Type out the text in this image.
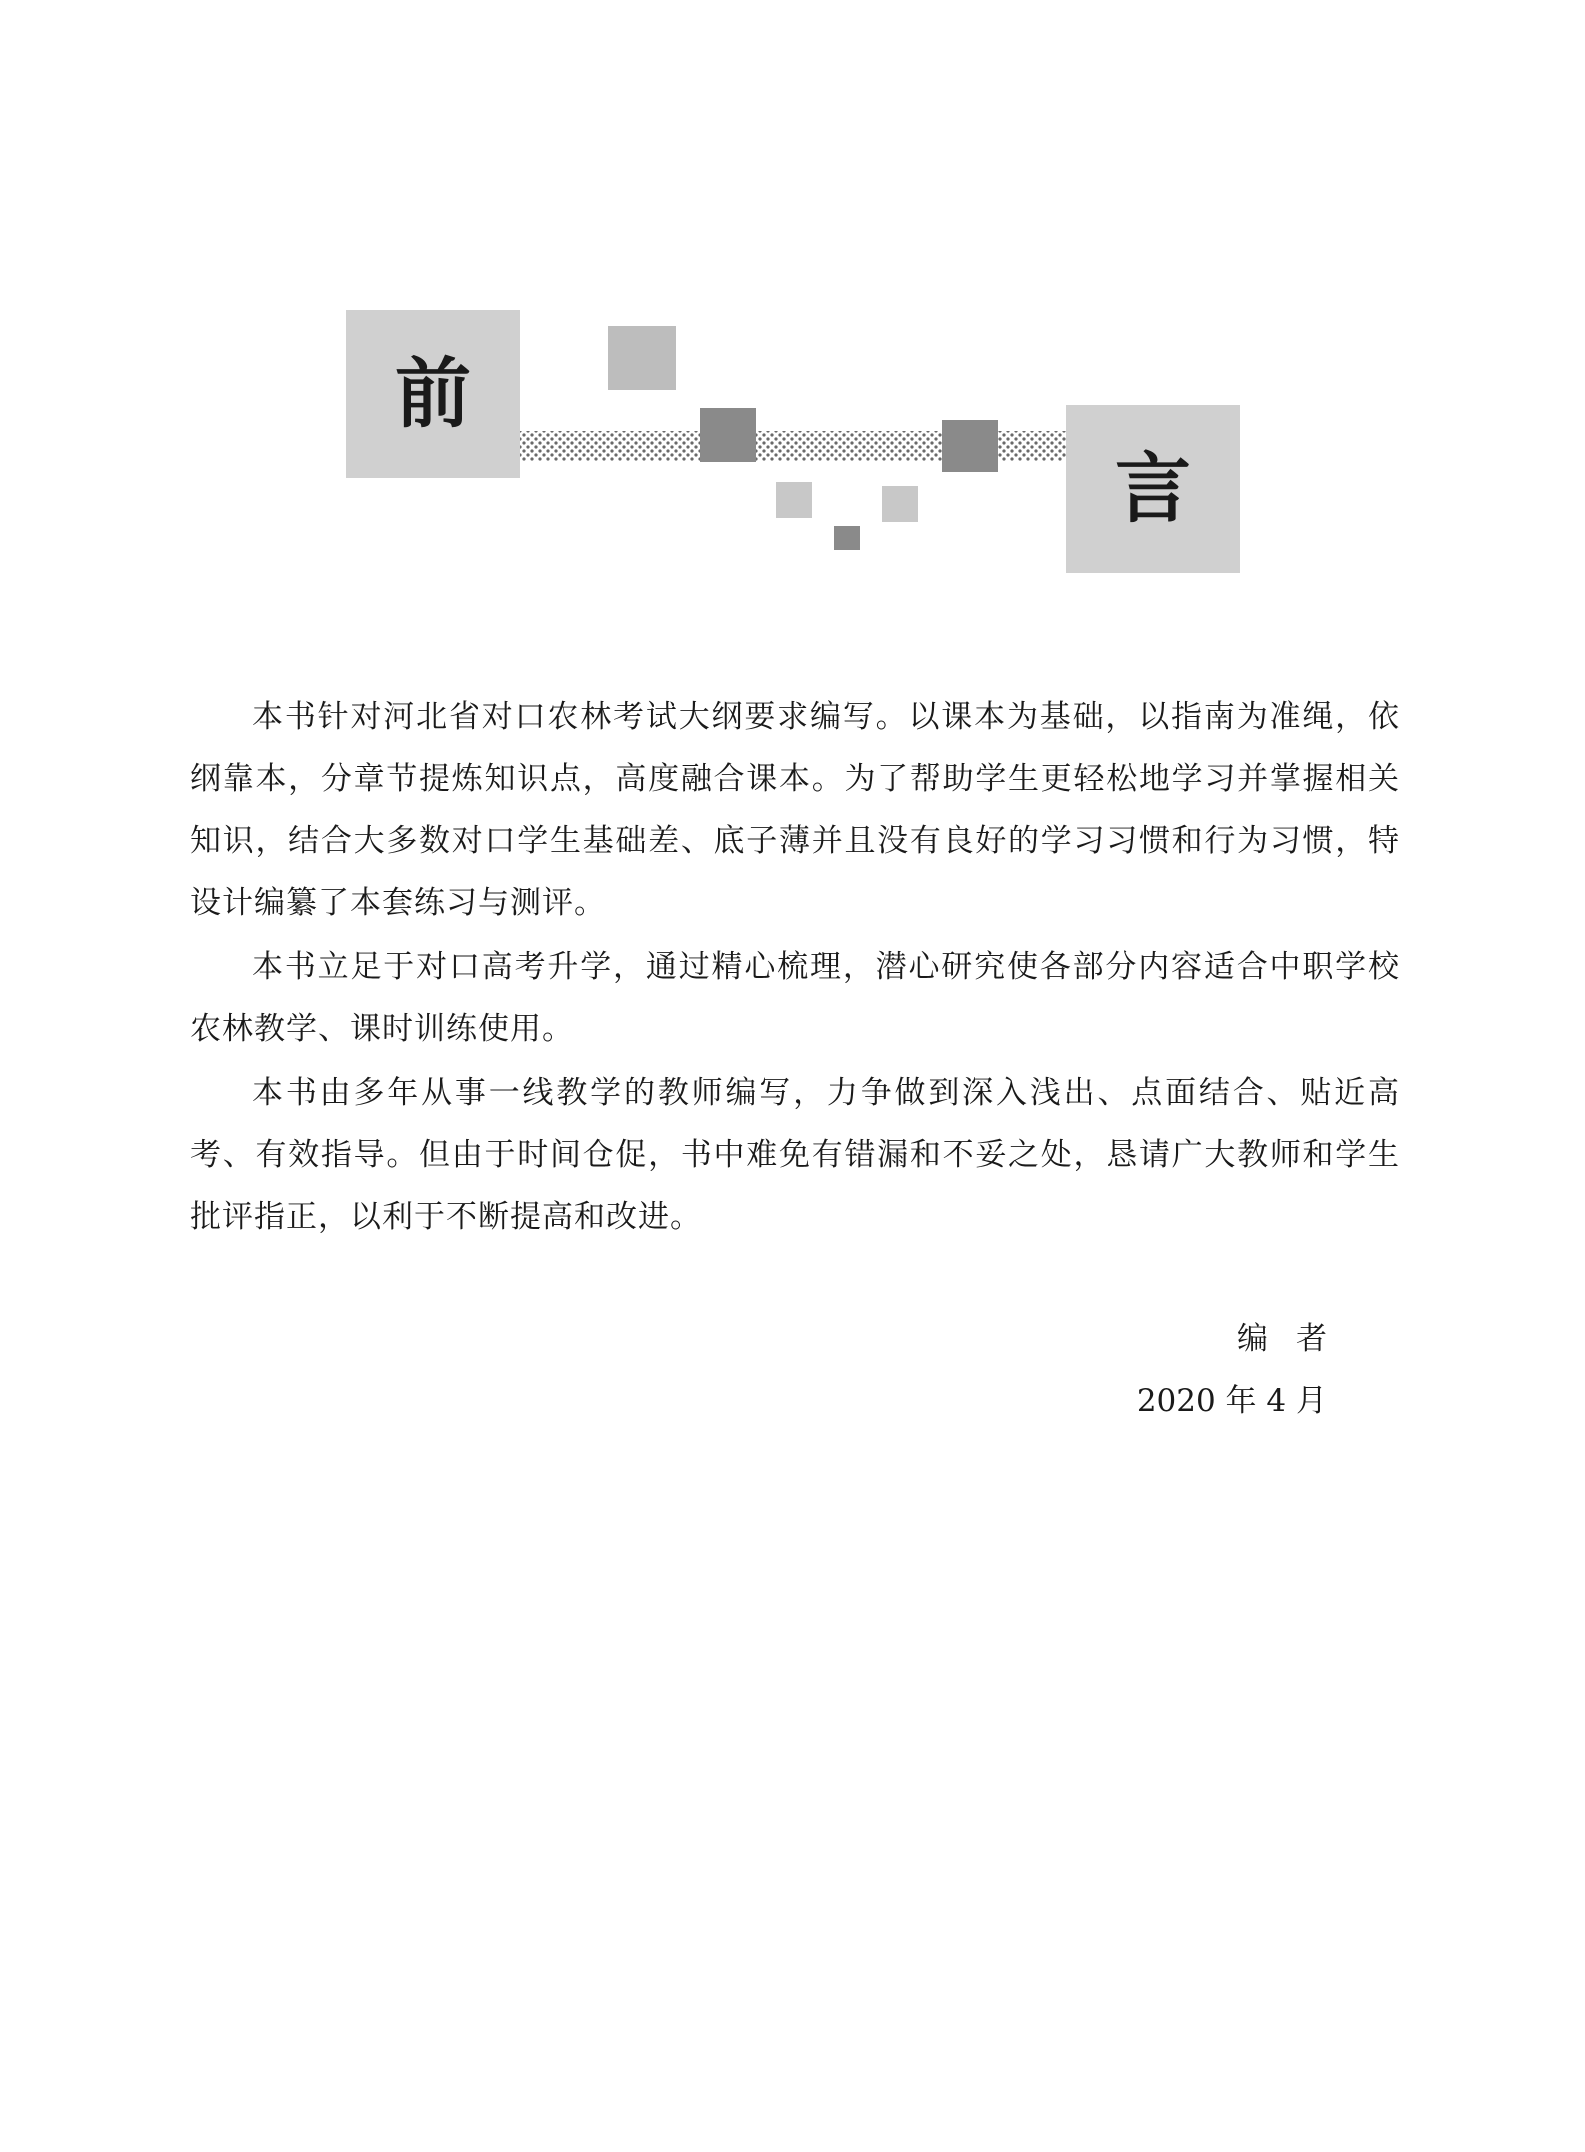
前
言

本书针对河北省对口农林考试大纲要求编写。以课本为基础，以指南为准绳，依纲靠本，分章节提炼知识点，高度融合课本。为了帮助学生更轻松地学习并掌握相关知识，结合大多数对口学生基础差、底子薄并且没有良好的学习习惯和行为习惯，特设计编纂了本套练习与测评。

本书立足于对口高考升学，通过精心梳理，潜心研究使各部分内容适合中职学校农林教学、课时训练使用。

本书由多年从事一线教学的教师编写，力争做到深入浅出、点面结合、贴近高考、有效指导。但由于时间仓促，书中难免有错漏和不妥之处，恳请广大教师和学生批评指正，以利于不断提高和改进。

编者
2020 年 4 月
